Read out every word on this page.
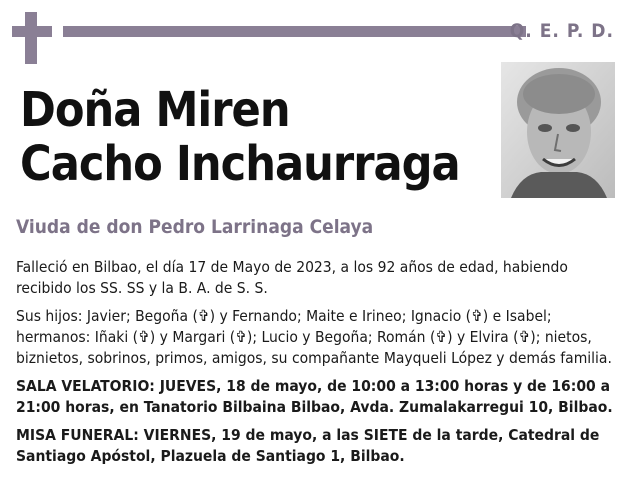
Q. E. P. D.
Doña Miren
Cacho Inchaurraga
Viuda de don Pedro Larrinaga Celaya

Falleció en Bilbao, el día 17 de Mayo de 2023, a los 92 años de edad, habiendo recibido los SS. SS y la B. A. de S. S.

Sus hijos: Javier; Begoña (✞) y Fernando; Maite e Irineo; Ignacio (✞) e Isabel; hermanos: Iñaki (✞) y Margari (✞); Lucio y Begoña; Román (✞) y Elvira (✞); nietos, biznietos, sobrinos, primos, amigos, su compañante Mayqueli López y demás familia.

SALA VELATORIO: JUEVES, 18 de mayo, de 10:00 a 13:00 horas y de 16:00 a 21:00 horas, en Tanatorio Bilbaina Bilbao, Avda. Zumalakarregui 10, Bilbao.

MISA FUNERAL: VIERNES, 19 de mayo, a las SIETE de la tarde, Catedral de Santiago Apóstol, Plazuela de Santiago 1, Bilbao.
